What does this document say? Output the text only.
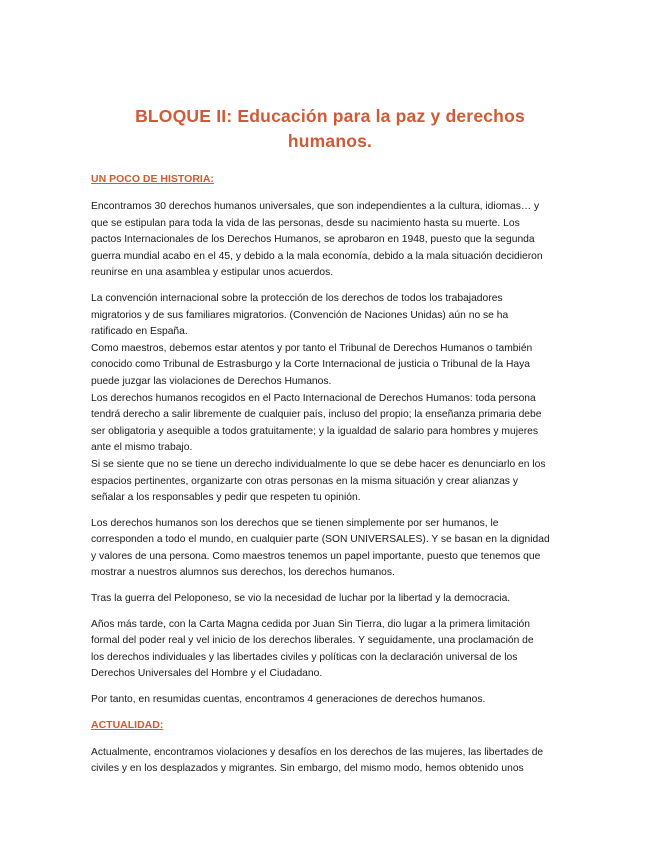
BLOQUE II: Educación para la paz y derechos
humanos.
UN POCO DE HISTORIA:
Encontramos 30 derechos humanos universales, que son independientes a la cultura, idiomas… y
que se estipulan para toda la vida de las personas, desde su nacimiento hasta su muerte. Los
pactos Internacionales de los Derechos Humanos, se aprobaron en 1948, puesto que la segunda
guerra mundial acabo en el 45, y debido a la mala economía, debido a la mala situación decidieron
reunirse en una asamblea y estipular unos acuerdos.
La convención internacional sobre la protección de los derechos de todos los trabajadores
migratorios y de sus familiares migratorios. (Convención de Naciones Unidas) aún no se ha
ratificado en España.
Como maestros, debemos estar atentos y por tanto el Tribunal de Derechos Humanos o también
conocido como Tribunal de Estrasburgo y la Corte Internacional de justicia o Tribunal de la Haya
puede juzgar las violaciones de Derechos Humanos.
Los derechos humanos recogidos en el Pacto Internacional de Derechos Humanos: toda persona
tendrá derecho a salir libremente de cualquier país, incluso del propio; la enseñanza primaria debe
ser obligatoria y asequible a todos gratuitamente; y la igualdad de salario para hombres y mujeres
ante el mismo trabajo.
Si se siente que no se tiene un derecho individualmente lo que se debe hacer es denunciarlo en los
espacios pertinentes, organizarte con otras personas en la misma situación y crear alianzas y
señalar a los responsables y pedir que respeten tu opinión.
Los derechos humanos son los derechos que se tienen simplemente por ser humanos, le
corresponden a todo el mundo, en cualquier parte (SON UNIVERSALES). Y se basan en la dignidad
y valores de una persona. Como maestros tenemos un papel importante, puesto que tenemos que
mostrar a nuestros alumnos sus derechos, los derechos humanos.
Tras la guerra del Peloponeso, se vio la necesidad de luchar por la libertad y la democracia.
Años más tarde, con la Carta Magna cedida por Juan Sin Tierra, dio lugar a la primera limitación
formal del poder real y vel inicio de los derechos liberales. Y seguidamente, una proclamación de
los derechos individuales y las libertades civiles y políticas con la declaración universal de los
Derechos Universales del Hombre y el Ciudadano.
Por tanto, en resumidas cuentas, encontramos 4 generaciones de derechos humanos.
ACTUALIDAD:
Actualmente, encontramos violaciones y desafíos en los derechos de las mujeres, las libertades de
civiles y en los desplazados y migrantes. Sin embargo, del mismo modo, hemos obtenido unos
